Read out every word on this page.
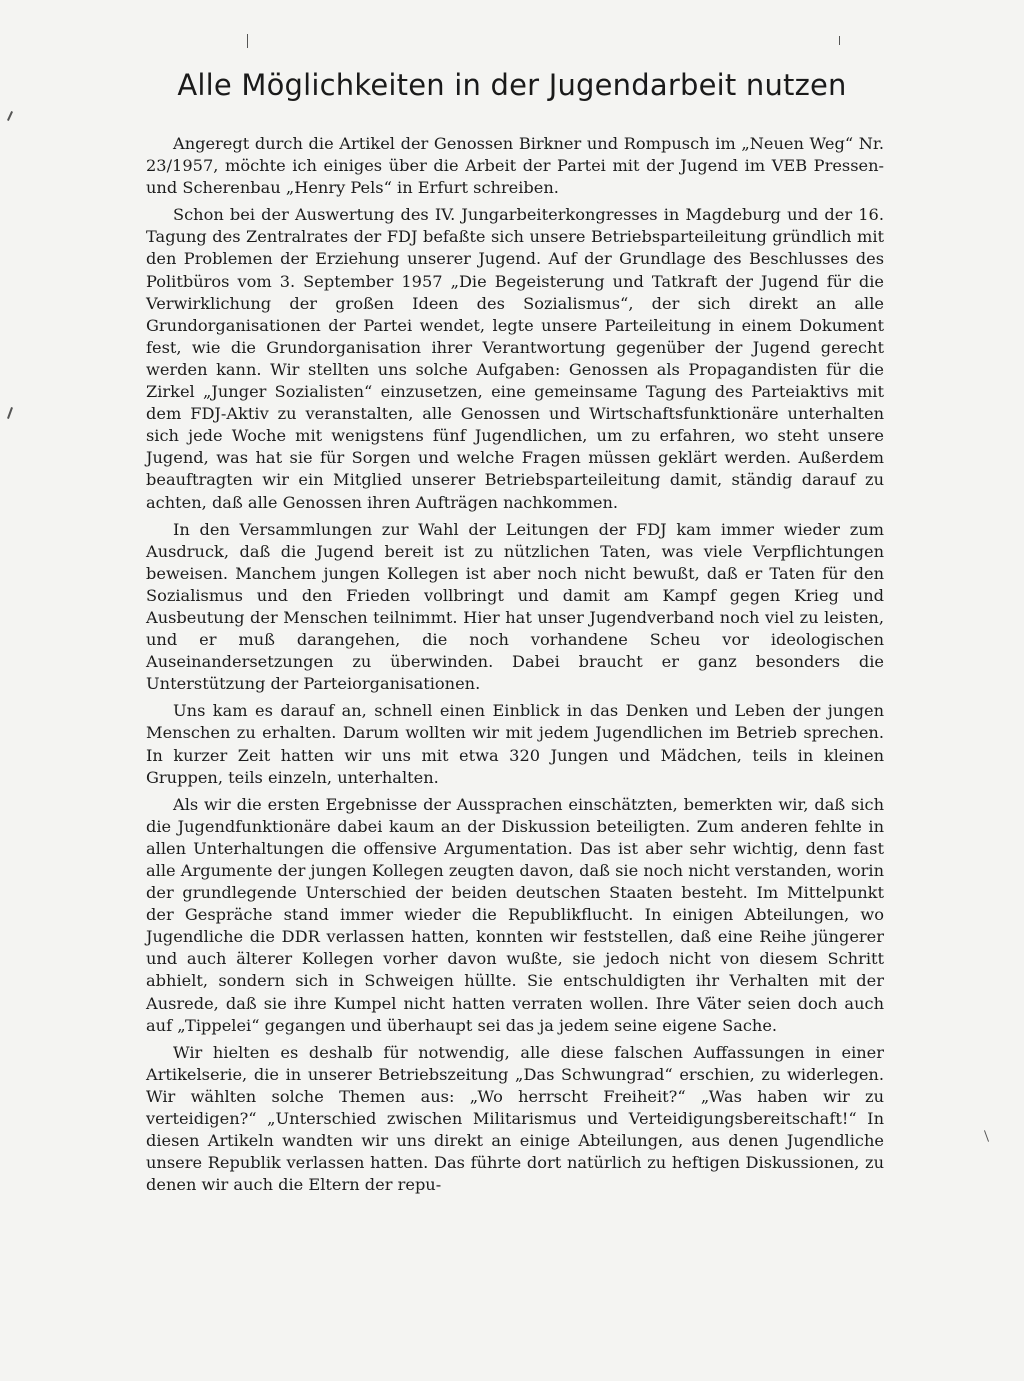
Alle Möglichkeiten in der Jugendarbeit nutzen

Angeregt durch die Artikel der Genossen Birkner und Rompusch im „Neuen Weg“ Nr. 23/1957, möchte ich einiges über die Arbeit der Partei mit der Jugend im VEB Pressen- und Scherenbau „Henry Pels“ in Erfurt schreiben.

Schon bei der Auswertung des IV. Jungarbeiterkongresses in Magdeburg und der 16. Tagung des Zentralrates der FDJ befaßte sich unsere Betriebsparteileitung gründlich mit den Problemen der Erziehung unserer Jugend. Auf der Grundlage des Beschlusses des Politbüros vom 3. September 1957 „Die Begeisterung und Tatkraft der Jugend für die Verwirklichung der großen Ideen des Sozialismus“, der sich direkt an alle Grundorganisationen der Partei wendet, legte unsere Parteileitung in einem Dokument fest, wie die Grundorganisation ihrer Verantwortung gegenüber der Jugend gerecht werden kann. Wir stellten uns solche Aufgaben: Genossen als Propagandisten für die Zirkel „Junger Sozialisten“ einzusetzen, eine gemeinsame Tagung des Parteiaktivs mit dem FDJ-Aktiv zu veranstalten, alle Genossen und Wirtschaftsfunktionäre unterhalten sich jede Woche mit wenigstens fünf Jugendlichen, um zu erfahren, wo steht unsere Jugend, was hat sie für Sorgen und welche Fragen müssen geklärt werden. Außerdem beauftragten wir ein Mitglied unserer Betriebsparteileitung damit, ständig darauf zu achten, daß alle Genossen ihren Aufträgen nachkommen.

In den Versammlungen zur Wahl der Leitungen der FDJ kam immer wieder zum Ausdruck, daß die Jugend bereit ist zu nützlichen Taten, was viele Verpflichtungen beweisen. Manchem jungen Kollegen ist aber noch nicht bewußt, daß er Taten für den Sozialismus und den Frieden vollbringt und damit am Kampf gegen Krieg und Ausbeutung der Menschen teilnimmt. Hier hat unser Jugendverband noch viel zu leisten, und er muß darangehen, die noch vorhandene Scheu vor ideologischen Auseinandersetzungen zu überwinden. Dabei braucht er ganz besonders die Unterstützung der Parteiorganisationen.

Uns kam es darauf an, schnell einen Einblick in das Denken und Leben der jungen Menschen zu erhalten. Darum wollten wir mit jedem Jugendlichen im Betrieb sprechen. In kurzer Zeit hatten wir uns mit etwa 320 Jungen und Mädchen, teils in kleinen Gruppen, teils einzeln, unterhalten.

Als wir die ersten Ergebnisse der Aussprachen einschätzten, bemerkten wir, daß sich die Jugendfunktionäre dabei kaum an der Diskussion beteiligten. Zum anderen fehlte in allen Unterhaltungen die offensive Argumentation. Das ist aber sehr wichtig, denn fast alle Argumente der jungen Kollegen zeugten davon, daß sie noch nicht verstanden, worin der grundlegende Unterschied der beiden deutschen Staaten besteht. Im Mittelpunkt der Gespräche stand immer wieder die Republikflucht. In einigen Abteilungen, wo Jugendliche die DDR verlassen hatten, konnten wir feststellen, daß eine Reihe jüngerer und auch älterer Kollegen vorher davon wußte, sie jedoch nicht von diesem Schritt abhielt, sondern sich in Schweigen hüllte. Sie entschuldigten ihr Verhalten mit der Ausrede, daß sie ihre Kumpel nicht hatten verraten wollen. Ihre Väter seien doch auch auf „Tippelei“ gegangen und überhaupt sei das ja jedem seine eigene Sache.

Wir hielten es deshalb für notwendig, alle diese falschen Auffassungen in einer Artikelserie, die in unserer Betriebszeitung „Das Schwungrad“ erschien, zu widerlegen. Wir wählten solche Themen aus: „Wo herrscht Freiheit?“ „Was haben wir zu verteidigen?“ „Unterschied zwischen Militarismus und Verteidigungsbereitschaft!“ In diesen Artikeln wandten wir uns direkt an einige Abteilungen, aus denen Jugendliche unsere Republik verlassen hatten. Das führte dort natürlich zu heftigen Diskussionen, zu denen wir auch die Eltern der repu-
